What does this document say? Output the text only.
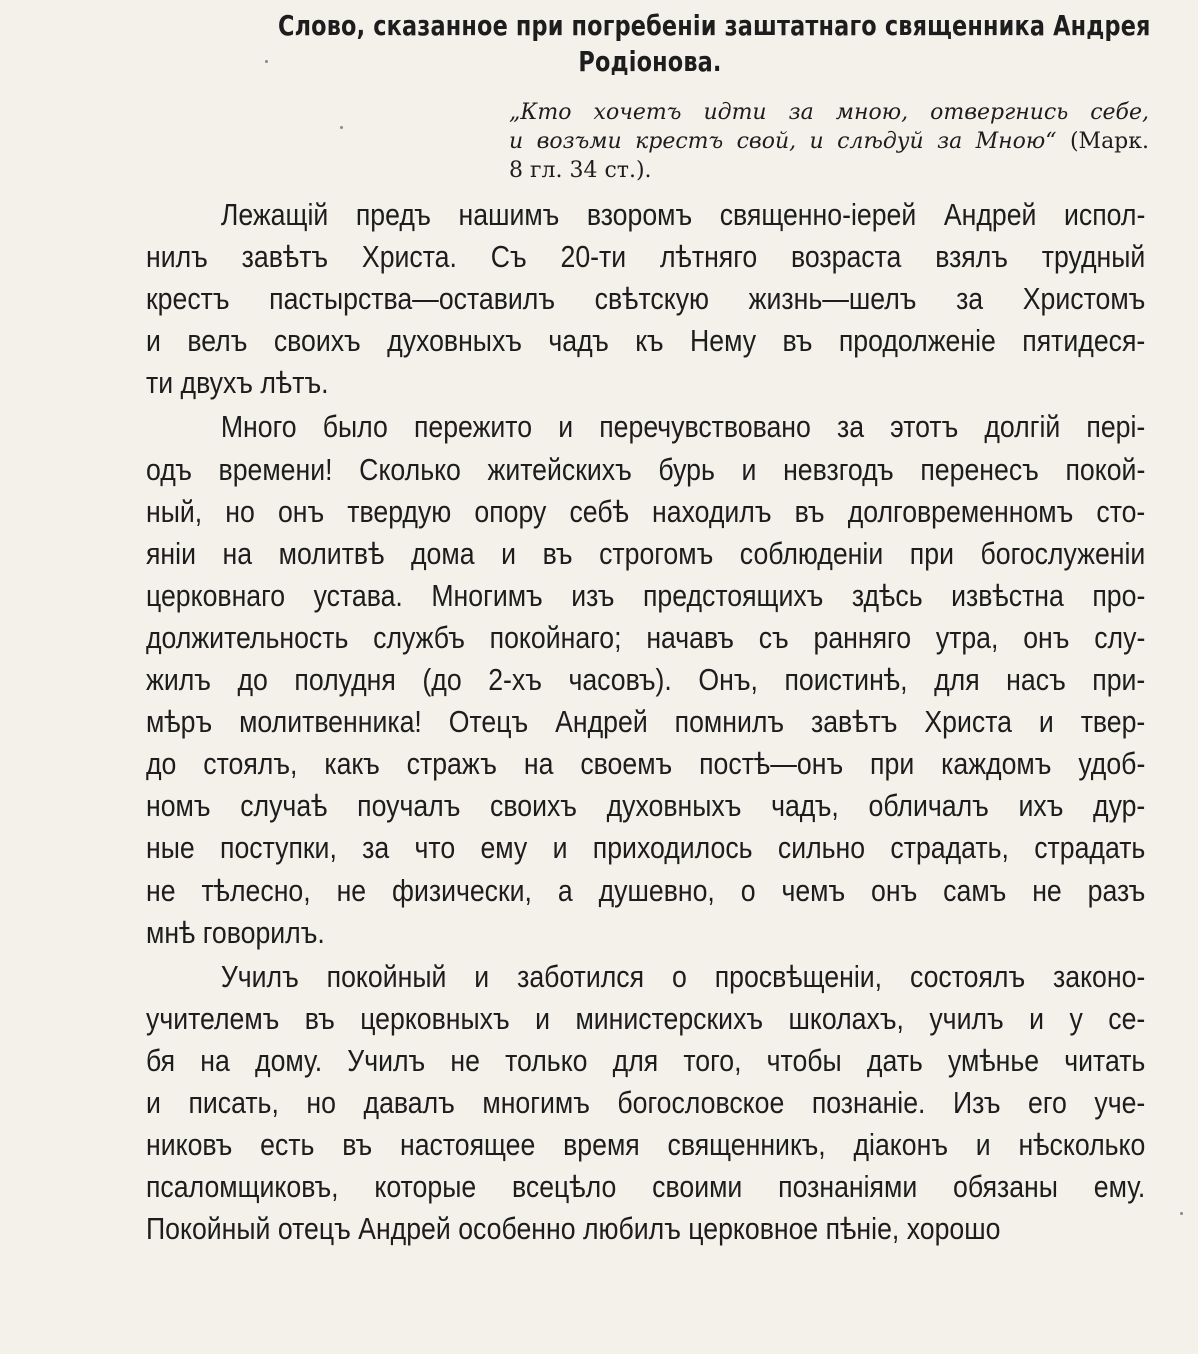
Слово, сказанное при погребенiи заштатнаго священника Андрея
Родiонова.
„Кто хочетъ идти за мною, отвергнись себе,
и возъми крестъ свой, и слѣдуй за Мною“ (Марк.
8 гл. 34 ст.).
Лежащiй предъ нашимъ взоромъ священно-iерей Андрей испол-
нилъ завѣтъ Христа. Съ 20-ти лѣтняго возраста взялъ трудный
крестъ пастырства—оставилъ свѣтскую жизнь—шелъ за Христомъ
и велъ своихъ духовныхъ чадъ къ Нему въ продолженiе пятидеся-
ти двухъ лѣтъ.
Много было пережито и перечувствовано за этотъ долгiй перi-
одъ времени! Сколько житейскихъ бурь и невзгодъ перенесъ покой-
ный, но онъ твердую опору себѣ находилъ въ долговременномъ сто-
янiи на молитвѣ дома и въ строгомъ соблюденiи при богослуженiи
церковнаго устава. Многимъ изъ предстоящихъ здѣсь извѣстна про-
должительность службъ покойнаго; начавъ съ ранняго утра, онъ слу-
жилъ до полудня (до 2-хъ часовъ). Онъ, поистинѣ, для насъ при-
мѣръ молитвенника! Отецъ Андрей помнилъ завѣтъ Христа и твер-
до стоялъ, какъ стражъ на своемъ постѣ—онъ при каждомъ удоб-
номъ случаѣ поучалъ своихъ духовныхъ чадъ, обличалъ ихъ дур-
ные поступки, за что ему и приходилось сильно страдать, страдать
не тѣлесно, не физически, а душевно, о чемъ онъ самъ не разъ
мнѣ говорилъ.
Училъ покойный и заботился о просвѣщенiи, состоялъ законо-
учителемъ въ церковныхъ и министерскихъ школахъ, училъ и у се-
бя на дому. Училъ не только для того, чтобы дать умѣнье читать
и писать, но давалъ многимъ богословское познанiе. Изъ его уче-
никовъ есть въ настоящее время священникъ, дiаконъ и нѣсколько
псаломщиковъ, которые всецѣло своими познанiями обязаны ему.
Покойный отецъ Андрей особенно любилъ церковное пѣнiе, хорошо
